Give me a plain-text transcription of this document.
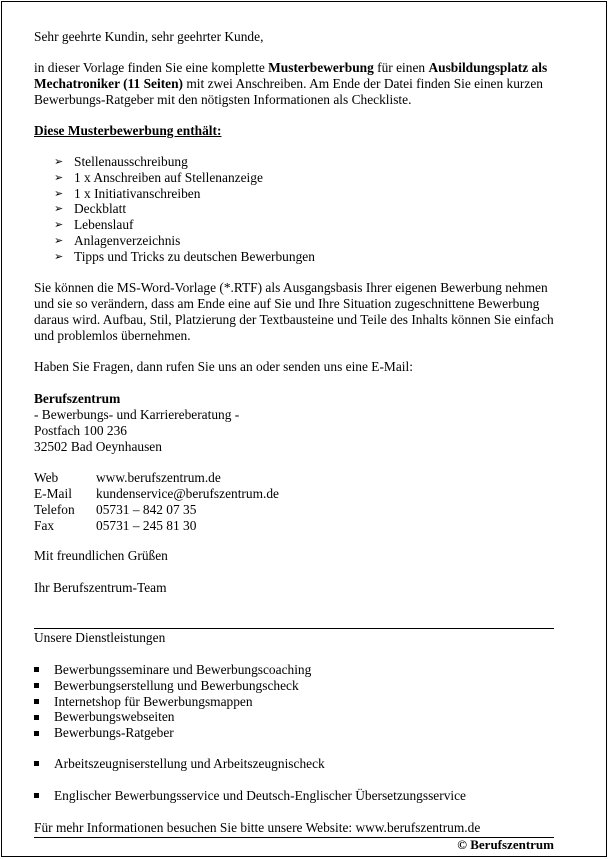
Sehr geehrte Kundin, sehr geehrter Kunde,

in dieser Vorlage finden Sie eine komplette Musterbewerbung für einen Ausbildungsplatz als Mechatroniker (11 Seiten) mit zwei Anschreiben. Am Ende der Datei finden Sie einen kurzen Bewerbungs-Ratgeber mit den nötigsten Informationen als Checkliste.

Diese Musterbewerbung enthält:

➢ Stellenausschreibung
➢ 1 x Anschreiben auf Stellenanzeige
➢ 1 x Initiativanschreiben
➢ Deckblatt
➢ Lebenslauf
➢ Anlagenverzeichnis
➢ Tipps und Tricks zu deutschen Bewerbungen

Sie können die MS-Word-Vorlage (*.RTF) als Ausgangsbasis Ihrer eigenen Bewerbung nehmen und sie so verändern, dass am Ende eine auf Sie und Ihre Situation zugeschnittene Bewerbung daraus wird. Aufbau, Stil, Platzierung der Textbausteine und Teile des Inhalts können Sie einfach und problemlos übernehmen.

Haben Sie Fragen, dann rufen Sie uns an oder senden uns eine E-Mail:

Berufszentrum
- Bewerbungs- und Karriereberatung -
Postfach 100 236
32502 Bad Oeynhausen
Web	www.berufszentrum.de
E-Mail	kundenservice@berufszentrum.de
Telefon	05731 – 842 07 35
Fax	05731 – 245 81 30

Mit freundlichen Grüßen

Ihr Berufszentrum-Team

Unsere Dienstleistungen

Bewerbungsseminare und Bewerbungscoaching
Bewerbungserstellung und Bewerbungscheck
Internetshop für Bewerbungsmappen
Bewerbungswebseiten
Bewerbungs-Ratgeber
Arbeitszeugniserstellung und Arbeitszeugnischeck
Englischer Bewerbungsservice und Deutsch-Englischer Übersetzungsservice

Für mehr Informationen besuchen Sie bitte unsere Website: www.berufszentrum.de

© Berufszentrum
